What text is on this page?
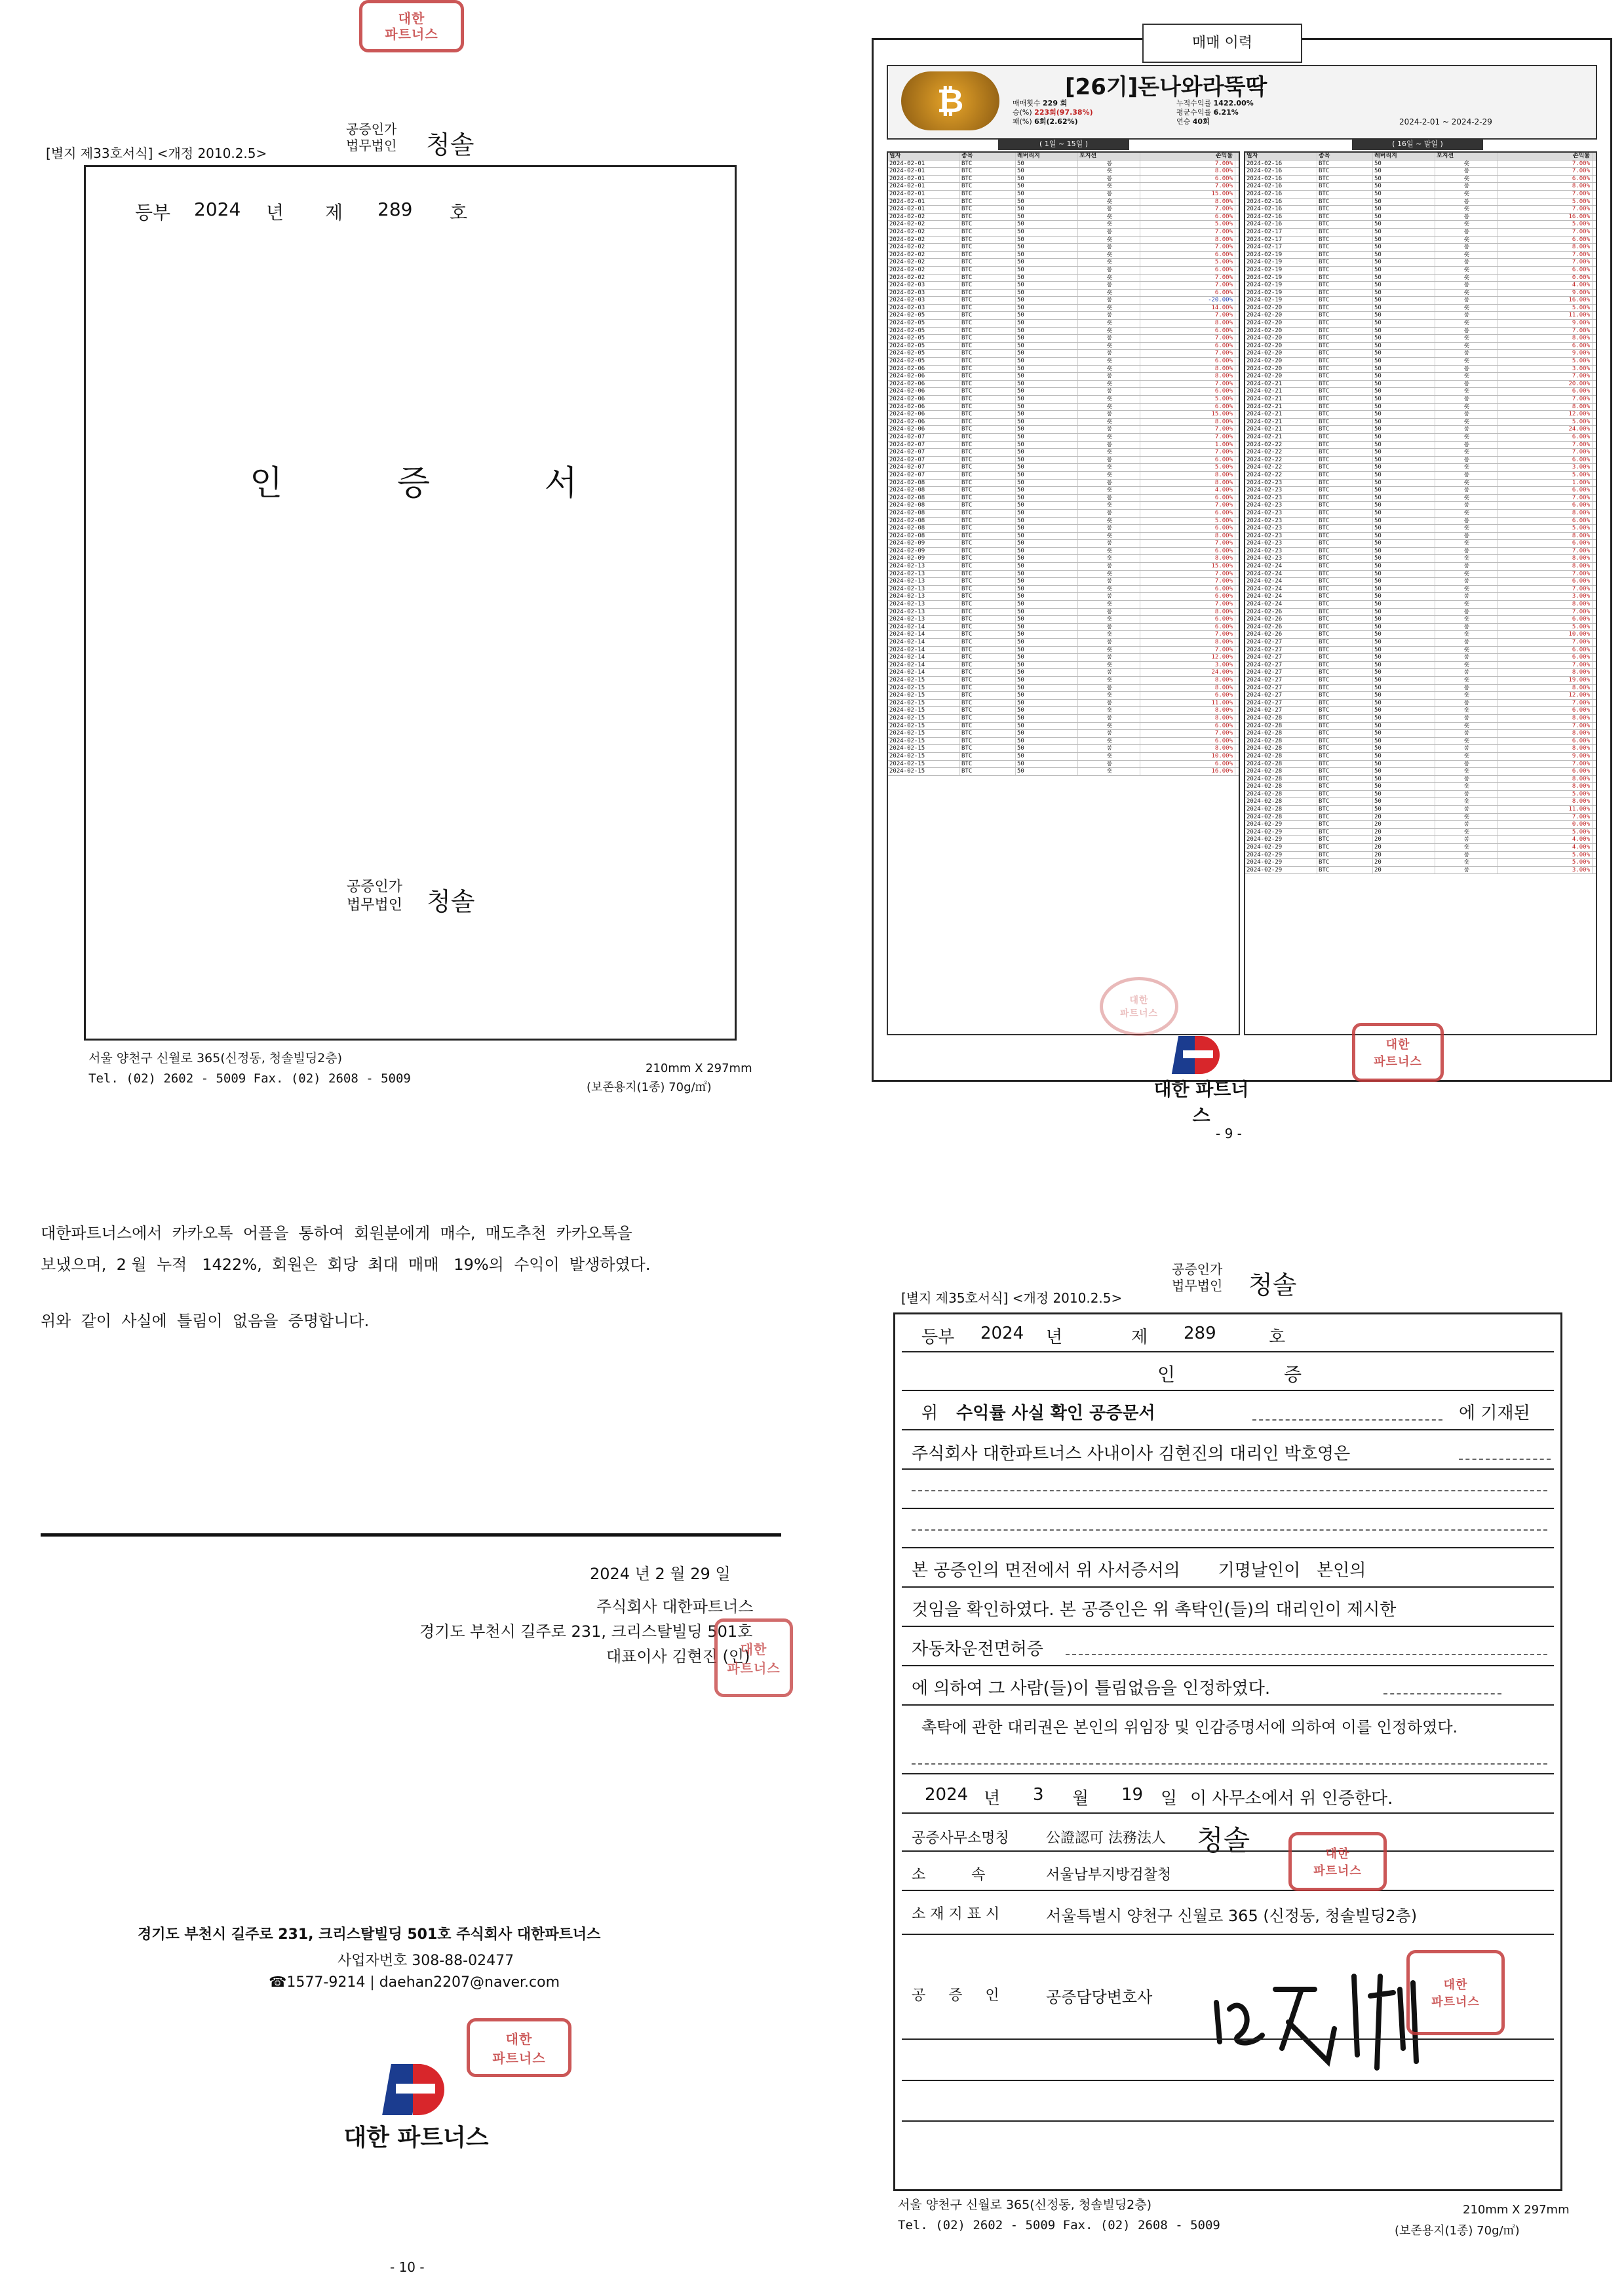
대한
파트너스
공증인가
법무법인 청솔
[별지 제33호서식] <개정 2010.2.5>
등부	2024	년	제	289	호
인	증	서
공증인가
법무법인 청솔
서울 양천구 신월로 365(신정동, 청솔빌딩2층)
Tel. (02) 2602 - 5009 Fax. (02) 2608 - 5009
210mm X 297mm
(보존용지(1종) 70g/㎡)
매매 이력
₿	[26기]돈나와라뚝딱
매매횟수 229 회
승(%) 223회(97.38%)
패(%) 6회(2.62%)
누적수익률 1422.00%
평균수익률 6.21%
연승 40회	2024-2-01 ~ 2024-2-29
( 1일 ~ 15일 )	( 16일 ~ 말일 )
일자	종목	레버리지	포지션	손익률
2024-02-01	BTC	50	롱	7.00%
2024-02-01	BTC	50	숏	8.00%
2024-02-01	BTC	50	롱	6.00%
2024-02-01	BTC	50	숏	7.00%
2024-02-01	BTC	50	롱	15.00%
2024-02-01	BTC	50	숏	8.00%
2024-02-01	BTC	50	롱	7.00%
2024-02-02	BTC	50	숏	6.00%
2024-02-02	BTC	50	숏	5.00%
2024-02-02	BTC	50	롱	7.00%
2024-02-02	BTC	50	숏	8.00%
2024-02-02	BTC	50	롱	7.00%
2024-02-02	BTC	50	숏	6.00%
2024-02-02	BTC	50	숏	5.00%
2024-02-02	BTC	50	롱	6.00%
2024-02-02	BTC	50	숏	7.00%
2024-02-03	BTC	50	롱	7.00%
2024-02-03	BTC	50	숏	6.00%
2024-02-03	BTC	50	롱	-20.00%
2024-02-03	BTC	50	숏	14.00%
2024-02-05	BTC	50	롱	7.00%
2024-02-05	BTC	50	숏	8.00%
2024-02-05	BTC	50	숏	6.00%
2024-02-05	BTC	50	롱	7.00%
2024-02-05	BTC	50	숏	6.00%
2024-02-05	BTC	50	롱	7.00%
2024-02-05	BTC	50	숏	6.00%
2024-02-06	BTC	50	숏	8.00%
2024-02-06	BTC	50	롱	8.00%
2024-02-06	BTC	50	숏	7.00%
2024-02-06	BTC	50	롱	6.00%
2024-02-06	BTC	50	숏	5.00%
2024-02-06	BTC	50	숏	6.00%
2024-02-06	BTC	50	롱	15.00%
2024-02-06	BTC	50	숏	8.00%
2024-02-06	BTC	50	롱	7.00%
2024-02-07	BTC	50	숏	7.00%
2024-02-07	BTC	50	롱	1.00%
2024-02-07	BTC	50	숏	7.00%
2024-02-07	BTC	50	롱	6.00%
2024-02-07	BTC	50	숏	5.00%
2024-02-07	BTC	50	숏	8.00%
2024-02-08	BTC	50	롱	8.00%
2024-02-08	BTC	50	숏	4.00%
2024-02-08	BTC	50	롱	6.00%
2024-02-08	BTC	50	숏	7.00%
2024-02-08	BTC	50	롱	6.00%
2024-02-08	BTC	50	숏	5.00%
2024-02-08	BTC	50	롱	6.00%
2024-02-08	BTC	50	숏	8.00%
2024-02-09	BTC	50	롱	7.00%
2024-02-09	BTC	50	숏	6.00%
2024-02-09	BTC	50	숏	8.00%
2024-02-13	BTC	50	롱	15.00%
2024-02-13	BTC	50	숏	7.00%
2024-02-13	BTC	50	롱	7.00%
2024-02-13	BTC	50	숏	6.00%
2024-02-13	BTC	50	롱	6.00%
2024-02-13	BTC	50	숏	7.00%
2024-02-13	BTC	50	롱	8.00%
2024-02-13	BTC	50	숏	6.00%
2024-02-14	BTC	50	롱	6.00%
2024-02-14	BTC	50	숏	7.00%
2024-02-14	BTC	50	롱	8.00%
2024-02-14	BTC	50	숏	7.00%
2024-02-14	BTC	50	롱	12.00%
2024-02-14	BTC	50	숏	3.00%
2024-02-14	BTC	50	롱	24.00%
2024-02-15	BTC	50	숏	8.00%
2024-02-15	BTC	50	롱	8.00%
2024-02-15	BTC	50	숏	6.00%
2024-02-15	BTC	50	롱	11.00%
2024-02-15	BTC	50	숏	8.00%
2024-02-15	BTC	50	롱	8.00%
2024-02-15	BTC	50	숏	6.00%
2024-02-15	BTC	50	롱	7.00%
2024-02-15	BTC	50	숏	6.00%
2024-02-15	BTC	50	롱	8.00%
2024-02-15	BTC	50	숏	10.00%
2024-02-15	BTC	50	롱	6.00%
2024-02-15	BTC	50	숏	16.00%
일자	종목	레버리지	포지션	손익률
2024-02-16	BTC	50	숏	7.00%
2024-02-16	BTC	50	롱	7.00%
2024-02-16	BTC	50	숏	6.00%
2024-02-16	BTC	50	롱	8.00%
2024-02-16	BTC	50	숏	7.00%
2024-02-16	BTC	50	롱	5.00%
2024-02-16	BTC	50	숏	7.00%
2024-02-16	BTC	50	롱	16.00%
2024-02-16	BTC	50	숏	5.00%
2024-02-17	BTC	50	롱	7.00%
2024-02-17	BTC	50	숏	6.00%
2024-02-17	BTC	50	롱	8.00%
2024-02-19	BTC	50	숏	7.00%
2024-02-19	BTC	50	롱	7.00%
2024-02-19	BTC	50	숏	6.00%
2024-02-19	BTC	50	숏	0.00%
2024-02-19	BTC	50	롱	4.00%
2024-02-19	BTC	50	숏	9.00%
2024-02-19	BTC	50	롱	16.00%
2024-02-20	BTC	50	숏	5.00%
2024-02-20	BTC	50	롱	11.00%
2024-02-20	BTC	50	숏	9.00%
2024-02-20	BTC	50	롱	7.00%
2024-02-20	BTC	50	숏	8.00%
2024-02-20	BTC	50	숏	6.00%
2024-02-20	BTC	50	롱	9.00%
2024-02-20	BTC	50	숏	5.00%
2024-02-20	BTC	50	롱	3.00%
2024-02-20	BTC	50	숏	7.00%
2024-02-21	BTC	50	롱	20.00%
2024-02-21	BTC	50	숏	6.00%
2024-02-21	BTC	50	롱	7.00%
2024-02-21	BTC	50	숏	8.00%
2024-02-21	BTC	50	롱	12.00%
2024-02-21	BTC	50	숏	5.00%
2024-02-21	BTC	50	롱	24.00%
2024-02-21	BTC	50	숏	6.00%
2024-02-22	BTC	50	롱	7.00%
2024-02-22	BTC	50	숏	7.00%
2024-02-22	BTC	50	롱	6.00%
2024-02-22	BTC	50	숏	3.00%
2024-02-22	BTC	50	롱	5.00%
2024-02-23	BTC	50	숏	1.00%
2024-02-23	BTC	50	롱	6.00%
2024-02-23	BTC	50	숏	7.00%
2024-02-23	BTC	50	롱	6.00%
2024-02-23	BTC	50	숏	8.00%
2024-02-23	BTC	50	롱	6.00%
2024-02-23	BTC	50	숏	5.00%
2024-02-23	BTC	50	롱	8.00%
2024-02-23	BTC	50	숏	6.00%
2024-02-23	BTC	50	롱	7.00%
2024-02-23	BTC	50	숏	8.00%
2024-02-24	BTC	50	롱	8.00%
2024-02-24	BTC	50	숏	7.00%
2024-02-24	BTC	50	롱	6.00%
2024-02-24	BTC	50	숏	7.00%
2024-02-24	BTC	50	롱	3.00%
2024-02-24	BTC	50	숏	8.00%
2024-02-26	BTC	50	롱	7.00%
2024-02-26	BTC	50	숏	6.00%
2024-02-26	BTC	50	롱	5.00%
2024-02-26	BTC	50	숏	10.00%
2024-02-27	BTC	50	롱	7.00%
2024-02-27	BTC	50	숏	6.00%
2024-02-27	BTC	50	롱	6.00%
2024-02-27	BTC	50	숏	7.00%
2024-02-27	BTC	50	롱	8.00%
2024-02-27	BTC	50	숏	19.00%
2024-02-27	BTC	50	롱	8.00%
2024-02-27	BTC	50	숏	12.00%
2024-02-27	BTC	50	롱	7.00%
2024-02-27	BTC	50	숏	6.00%
2024-02-28	BTC	50	롱	8.00%
2024-02-28	BTC	50	숏	7.00%
2024-02-28	BTC	50	롱	8.00%
2024-02-28	BTC	50	숏	6.00%
2024-02-28	BTC	50	롱	8.00%
2024-02-28	BTC	50	숏	9.00%
2024-02-28	BTC	50	롱	7.00%
2024-02-28	BTC	50	숏	6.00%
2024-02-28	BTC	50	롱	8.00%
2024-02-28	BTC	50	숏	8.00%
2024-02-28	BTC	50	롱	5.00%
2024-02-28	BTC	50	숏	8.00%
2024-02-28	BTC	50	롱	11.00%
2024-02-28	BTC	20	숏	7.00%
2024-02-29	BTC	20	롱	0.00%
2024-02-29	BTC	20	숏	5.00%
2024-02-29	BTC	20	롱	4.00%
2024-02-29	BTC	20	숏	4.00%
2024-02-29	BTC	20	롱	5.00%
2024-02-29	BTC	20	숏	5.00%
2024-02-29	BTC	20	롱	3.00%
대한
파트너스
대한 파트너스
대한
파트너스
- 9 -
대한파트너스에서  카카오톡  어플을  통하여  회원분에게  매수,  매도추천  카카오톡을
보냈으며,  2 월  누적   1422%,  회원은  회당  최대  매매   19%의  수익이  발생하였다.
위와  같이  사실에  틀림이  없음을  증명합니다.
2024 년 2 월 29 일
주식회사 대한파트너스
경기도 부천시 길주로 231, 크리스탈빌딩 501호
대표이사 김현진 (인)
대한
파트너스
경기도 부천시 길주로 231, 크리스탈빌딩 501호 주식회사 대한파트너스
사업자번호 308-88-02477
☎1577-9214 | daehan2207@naver.com
대한
파트너스
대한 파트너스
- 10 -
공증인가
법무법인 청솔
[별지 제35호서식] <개정 2010.2.5>
등부	2024	년	제	289	호
인	증
위 수익률 사실 확인 공증문서	에 기재된
주식회사 대한파트너스 사내이사 김현진의 대리인 박호영은
본 공증인의 면전에서 위 사서증서의       기명날인이   본인의
것임을 확인하였다. 본 공증인은 위 촉탁인(들)의 대리인이 제시한
자동차운전면허증
에 의하여 그 사람(들)이 틀림없음을 인정하였다.
촉탁에 관한 대리권은 본인의 위임장 및 인감증명서에 의하여 이를 인정하였다.
2024 년	3	월	19	일 이 사무소에서 위 인증한다.
공증사무소명칭	公證認可 法務法人 청솔
소          속	서울남부지방검찰청
대한
파트너스
소 재 지 표 시	서울특별시 양천구 신월로 365 (신정동, 청솔빌딩2층)
공     증     인	공증담당변호사
대한
파트너스
서울 양천구 신월로 365(신정동, 청솔빌딩2층)
Tel. (02) 2602 - 5009 Fax. (02) 2608 - 5009
210mm X 297mm
(보존용지(1종) 70g/㎡)
